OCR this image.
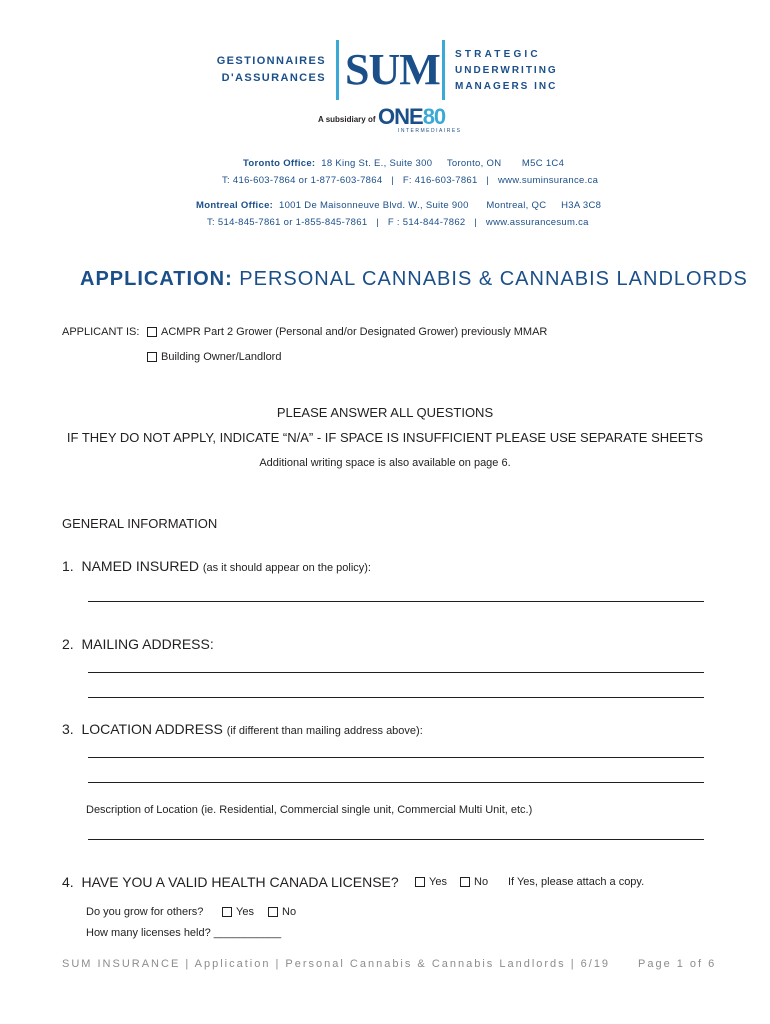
GESTIONNAIRES
D'ASSURANCES SUM STRATEGIC
UNDERWRITING
MANAGERS INC
A subsidiary of ONE80
INTERMEDIAIRES
Toronto Office: 18 King St. E., Suite 300     Toronto, ON       M5C 1C4
T: 416-603-7864 or 1-877-603-7864   |   F: 416-603-7861   |   www.suminsurance.ca
Montreal Office: 1001 De Maisonneuve Blvd. W., Suite 900      Montreal, QC     H3A 3C8
T: 514-845-7861 or 1-855-845-7861   |   F : 514-844-7862   |   www.assurancesum.ca
APPLICATION: PERSONAL CANNABIS & CANNABIS LANDLORDS
APPLICANT IS:	ACMPR Part 2 Grower (Personal and/or Designated Grower) previously MMAR
Building Owner/Landlord
PLEASE ANSWER ALL QUESTIONS
IF THEY DO NOT APPLY, INDICATE “N/A” - IF SPACE IS INSUFFICIENT PLEASE USE SEPARATE SHEETS
Additional writing space is also available on page 6.
GENERAL INFORMATION
1. NAMED INSURED (as it should appear on the policy):
2. MAILING ADDRESS:
3. LOCATION ADDRESS (if different than mailing address above):
Description of Location (ie. Residential, Commercial single unit, Commercial Multi Unit, etc.)
4. HAVE YOU A VALID HEALTH CANADA LICENSE?	Yes	No If Yes, please attach a copy.
Do you grow for others?	Yes	No
How many licenses held? ___________
SUM INSURANCE | Application | Personal Cannabis & Cannabis Landlords | 6/19	Page 1 of 6
